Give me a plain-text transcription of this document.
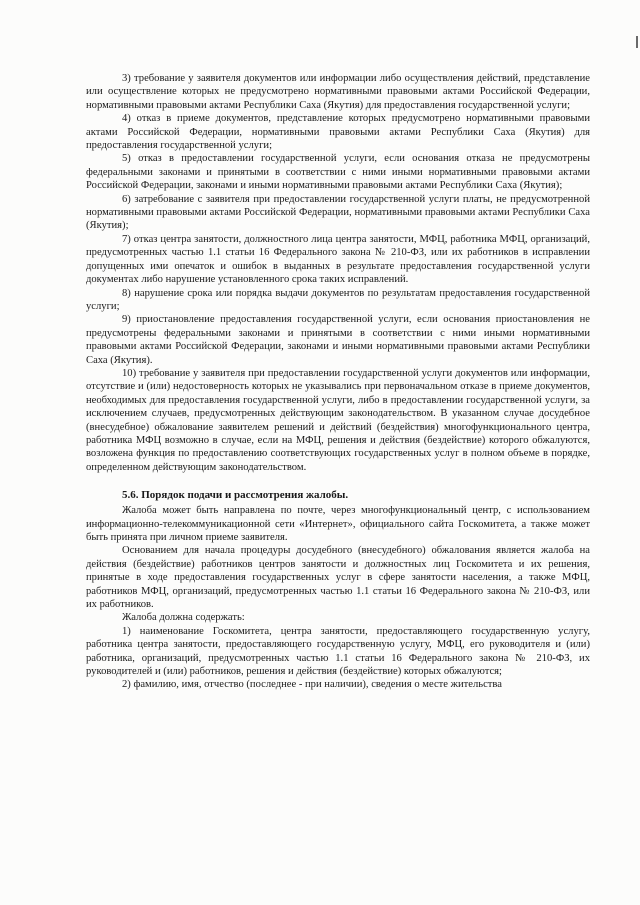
3) требование у заявителя документов или информации либо осуществления действий, представление или осуществление которых не предусмотрено нормативными правовыми актами Российской Федерации, нормативными правовыми актами Республики Саха (Якутия) для предоставления государственной услуги;

4) отказ в приеме документов, представление которых предусмотрено нормативными правовыми актами Российской Федерации, нормативными правовыми актами Республики Саха (Якутия) для предоставления государственной услуги;

5) отказ в предоставлении государственной услуги, если основания отказа не предусмотрены федеральными законами и принятыми в соответствии с ними иными нормативными правовыми актами Российской Федерации, законами и иными нормативными правовыми актами Республики Саха (Якутия);

6) затребование с заявителя при предоставлении государственной услуги платы, не предусмотренной нормативными правовыми актами Российской Федерации, нормативными правовыми актами Республики Саха (Якутия);

7) отказ центра занятости, должностного лица центра занятости, МФЦ, работника МФЦ, организаций, предусмотренных частью 1.1 статьи 16 Федерального закона № 210-ФЗ, или их работников в исправлении допущенных ими опечаток и ошибок в выданных в результате предоставления государственной услуги документах либо нарушение установленного срока таких исправлений.

8) нарушение срока или порядка выдачи документов по результатам предоставления государственной услуги;

9) приостановление предоставления государственной услуги, если основания приостановления не предусмотрены федеральными законами и принятыми в соответствии с ними иными нормативными правовыми актами Российской Федерации, законами и иными нормативными правовыми актами Республики Саха (Якутия).

10) требование у заявителя при предоставлении государственной услуги документов или информации, отсутствие и (или) недостоверность которых не указывались при первоначальном отказе в приеме документов, необходимых для предоставления государственной услуги, либо в предоставлении государственной услуги, за исключением случаев, предусмотренных действующим законодательством. В указанном случае досудебное (внесудебное) обжалование заявителем решений и действий (бездействия) многофункционального центра, работника МФЦ возможно в случае, если на МФЦ, решения и действия (бездействие) которого обжалуются, возложена функция по предоставлению соответствующих государственных услуг в полном объеме в порядке, определенном действующим законодательством.

5.6. Порядок подачи и рассмотрения жалобы.

Жалоба может быть направлена по почте, через многофункциональный центр, с использованием информационно-телекоммуникационной сети «Интернет», официального сайта Госкомитета, а также может быть принята при личном приеме заявителя.

Основанием для начала процедуры досудебного (внесудебного) обжалования является жалоба на действия (бездействие) работников центров занятости и должностных лиц Госкомитета и их решения, принятые в ходе предоставления государственных услуг в сфере занятости населения, а также МФЦ, работников МФЦ, организаций, предусмотренных частью 1.1 статьи 16 Федерального закона № 210-ФЗ, или их работников.

Жалоба должна содержать:

1) наименование Госкомитета, центра занятости, предоставляющего государственную услугу, работника центра занятости, предоставляющего государственную услугу, МФЦ, его руководителя и (или) работника, организаций, предусмотренных частью 1.1 статьи 16 Федерального закона № 210-ФЗ, их руководителей и (или) работников, решения и действия (бездействие) которых обжалуются;

2) фамилию, имя, отчество (последнее - при наличии), сведения о месте жительства
